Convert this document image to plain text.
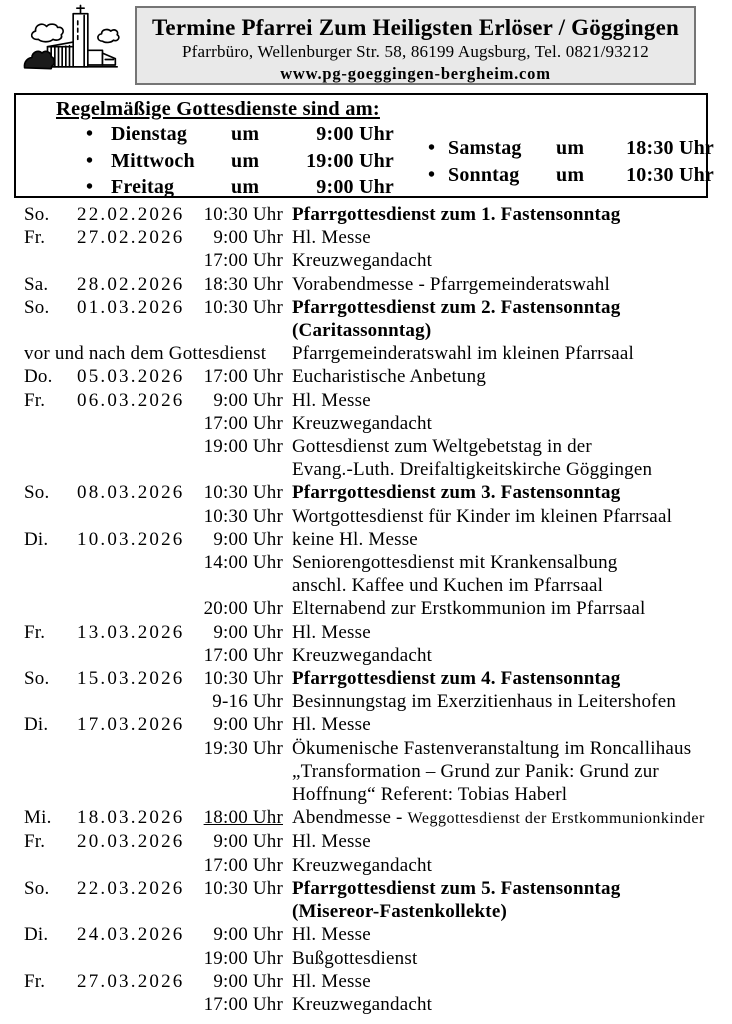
Termine Pfarrei Zum Heiligsten Erlöser / Göggingen
Pfarrbüro, Wellenburger Str. 58, 86199 Augsburg, Tel. 0821/93212
www.pg-goeggingen-bergheim.com
Regelmäßige Gottesdienste sind am:
• Dienstag	um	9:00 Uhr
• Mittwoch	um	19:00 Uhr
• Freitag	um	9:00 Uhr
• Samstag	um	18:30 Uhr
• Sonntag	um	10:30 Uhr
So.	22.02.2026	10:30 Uhr Pfarrgottesdienst zum 1. Fastensonntag
Fr.	27.02.2026	9:00 Uhr Hl. Messe
17:00 Uhr Kreuzwegandacht
Sa.	28.02.2026	18:30 Uhr Vorabendmesse - Pfarrgemeinderatswahl
So.	01.03.2026	10:30 Uhr Pfarrgottesdienst zum 2. Fastensonntag
(Caritassonntag)
vor und nach dem Gottesdienst	Pfarrgemeinderatswahl im kleinen Pfarrsaal
Do.	05.03.2026	17:00 Uhr Eucharistische Anbetung
Fr.	06.03.2026	9:00 Uhr Hl. Messe
17:00 Uhr Kreuzwegandacht
19:00 Uhr Gottesdienst zum Weltgebetstag in der
Evang.-Luth. Dreifaltigkeitskirche Göggingen
So.	08.03.2026	10:30 Uhr Pfarrgottesdienst zum 3. Fastensonntag
10:30 Uhr Wortgottesdienst für Kinder im kleinen Pfarrsaal
Di.	10.03.2026	9:00 Uhr keine Hl. Messe
14:00 Uhr Seniorengottesdienst mit Krankensalbung
anschl. Kaffee und Kuchen im Pfarrsaal
20:00 Uhr Elternabend zur Erstkommunion im Pfarrsaal
Fr.	13.03.2026	9:00 Uhr Hl. Messe
17:00 Uhr Kreuzwegandacht
So.	15.03.2026	10:30 Uhr Pfarrgottesdienst zum 4. Fastensonntag
9-16 Uhr Besinnungstag im Exerzitienhaus in Leitershofen
Di.	17.03.2026	9:00 Uhr Hl. Messe
19:30 Uhr Ökumenische Fastenveranstaltung im Roncallihaus
„Transformation – Grund zur Panik: Grund zur
Hoffnung“ Referent: Tobias Haberl
Mi.	18.03.2026	18:00 Uhr Abendmesse - Weggottesdienst der Erstkommunionkinder
Fr.	20.03.2026	9:00 Uhr Hl. Messe
17:00 Uhr Kreuzwegandacht
So.	22.03.2026	10:30 Uhr Pfarrgottesdienst zum 5. Fastensonntag
(Misereor-Fastenkollekte)
Di.	24.03.2026	9:00 Uhr Hl. Messe
19:00 Uhr Bußgottesdienst
Fr.	27.03.2026	9:00 Uhr Hl. Messe
17:00 Uhr Kreuzwegandacht
